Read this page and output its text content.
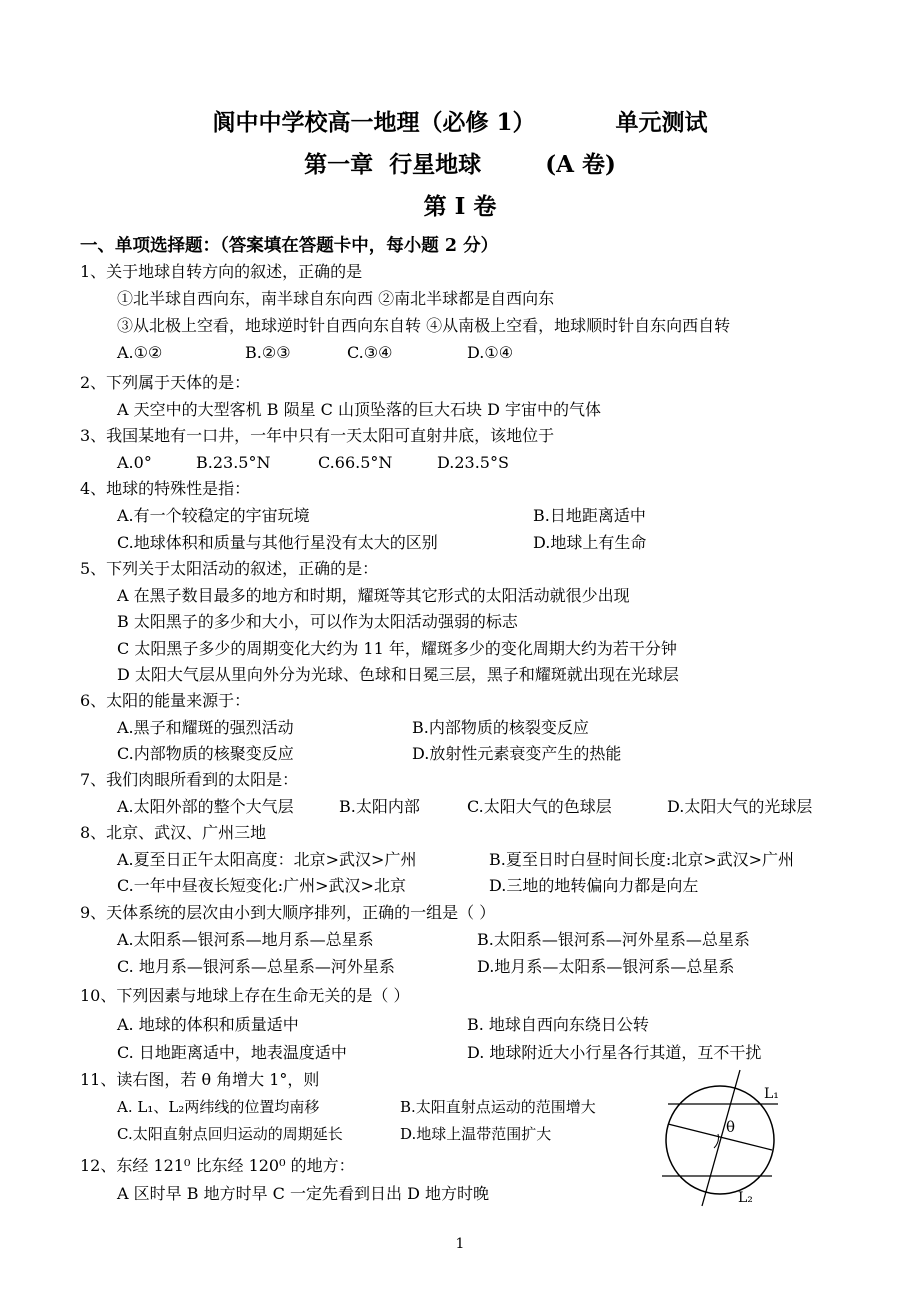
阆中中学校高一地理（必修 1）          单元测试
第一章  行星地球        (A 卷)
第 I 卷
一、单项选择题：（答案填在答题卡中，每小题 2 分）
1、关于地球自转方向的叙述，正确的是
①北半球自西向东，南半球自东向西 ②南北半球都是自西向东
③从北极上空看，地球逆时针自西向东自转 ④从南极上空看，地球顺时针自东向西自转
A.①②	B.②③	C.③④	D.①④
2、下列属于天体的是：
A 天空中的大型客机 B 陨星 C 山顶坠落的巨大石块 D 宇宙中的气体
3、我国某地有一口井，一年中只有一天太阳可直射井底，该地位于
A.0°	B.23.5°N	C.66.5°N	D.23.5°S
4、地球的特殊性是指：
A.有一个较稳定的宇宙玩境	B.日地距离适中
C.地球体积和质量与其他行星没有太大的区别	D.地球上有生命
5、下列关于太阳活动的叙述，正确的是：
A 在黑子数目最多的地方和时期，耀斑等其它形式的太阳活动就很少出现
B 太阳黑子的多少和大小，可以作为太阳活动强弱的标志
C 太阳黑子多少的周期变化大约为 11 年，耀斑多少的变化周期大约为若干分钟
D 太阳大气层从里向外分为光球、色球和日冕三层，黑子和耀斑就出现在光球层
6、太阳的能量来源于：
A.黑子和耀斑的强烈活动	B.内部物质的核裂变反应
C.内部物质的核聚变反应	D.放射性元素衰变产生的热能
7、我们肉眼所看到的太阳是：
A.太阳外部的整个大气层	B.太阳内部	C.太阳大气的色球层	D.太阳大气的光球层
8、北京、武汉、广州三地
A.夏至日正午太阳高度：北京>武汉>广州	B.夏至日时白昼时间长度:北京>武汉>广州
C.一年中昼夜长短变化:广州>武汉>北京	D.三地的地转偏向力都是向左
9、天体系统的层次由小到大顺序排列，正确的一组是（ ）
A.太阳系—银河系—地月系—总星系	B.太阳系—银河系—河外星系—总星系
C. 地月系—银河系—总星系—河外星系	D.地月系—太阳系—银河系—总星系
10、下列因素与地球上存在生命无关的是（ ）
A. 地球的体积和质量适中	B. 地球自西向东绕日公转
C. 日地距离适中，地表温度适中	D. 地球附近大小行星各行其道，互不干扰
11、读右图，若 θ 角增大 1°，则
A. L₁、L₂两纬线的位置均南移	B.太阳直射点运动的范围增大
C.太阳直射点回归运动的周期延长	D.地球上温带范围扩大	θ
L₁
L₂
12、东经 121⁰ 比东经 120⁰ 的地方：
A 区时早 B 地方时早 C 一定先看到日出 D 地方时晚
1
